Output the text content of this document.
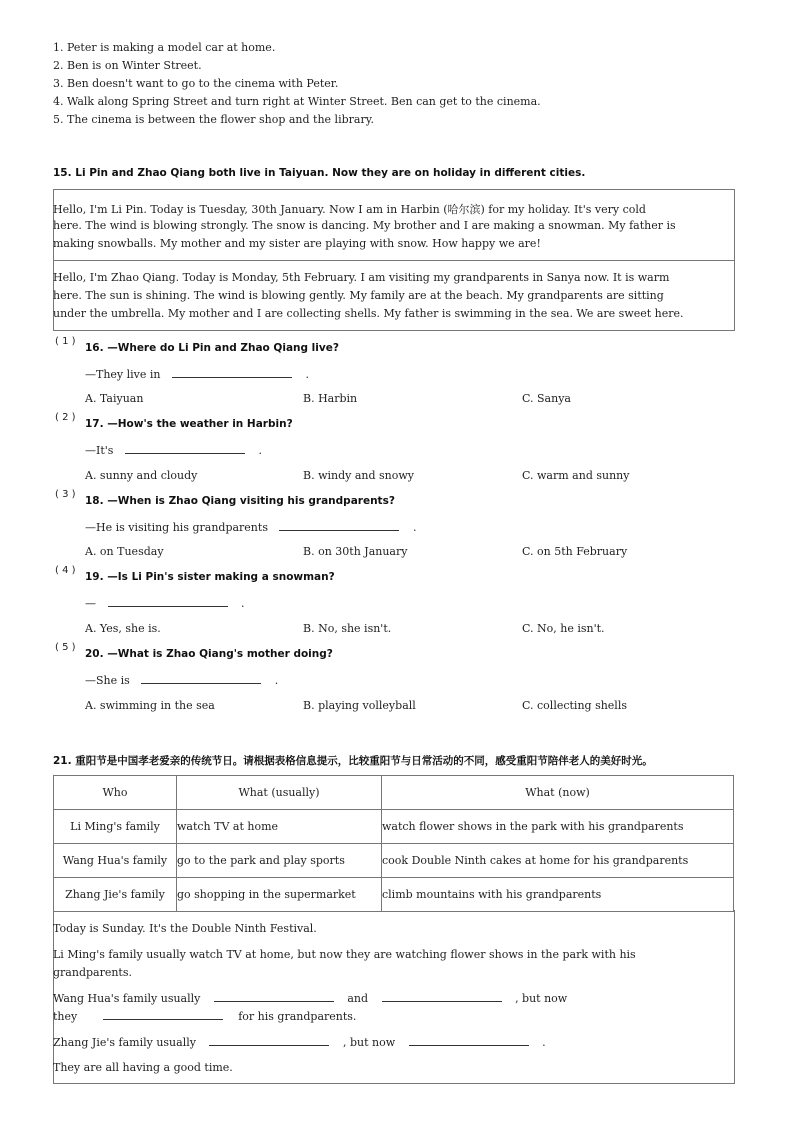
1. Peter is making a model car at home.
2. Ben is on Winter Street.
3. Ben doesn't want to go to the cinema with Peter.
4. Walk along Spring Street and turn right at Winter Street. Ben can get to the cinema.
5. The cinema is between the flower shop and the library.
15. Li Pin and Zhao Qiang both live in Taiyuan. Now they are on holiday in different cities.
Hello, I'm Li Pin. Today is Tuesday, 30th January. Now I am in Harbin (哈尔滨) for my holiday. It's very cold
here. The wind is blowing strongly. The snow is dancing. My brother and I are making a snowman. My father is
making snowballs. My mother and my sister are playing with snow. How happy we are!
Hello, I'm Zhao Qiang. Today is Monday, 5th February. I am visiting my grandparents in Sanya now. It is warm
here. The sun is shining. The wind is blowing gently. My family are at the beach. My grandparents are sitting
under the umbrella. My mother and I are collecting shells. My father is swimming in the sea. We are sweet here.
( 1 )
16. —Where do Li Pin and Zhao Qiang live?
—They live in	.
A. Taiyuan	B. Harbin	C. Sanya
( 2 )
17. —How's the weather in Harbin?
—It's	.
A. sunny and cloudy	B. windy and snowy	C. warm and sunny
( 3 )
18. —When is Zhao Qiang visiting his grandparents?
—He is visiting his grandparents	.
A. on Tuesday	B. on 30th January	C. on 5th February
( 4 )
19. —Is Li Pin's sister making a snowman?
—	.
A. Yes, she is.	B. No, she isn't.	C. No, he isn't.
( 5 )
20. —What is Zhao Qiang's mother doing?
—She is	.
A. swimming in the sea	B. playing volleyball	C. collecting shells
21. 重阳节是中国孝老爱亲的传统节日。请根据表格信息提示，比较重阳节与日常活动的不同，感受重阳节陪伴老人的美好时光。
Who	What (usually)	What (now)
Li Ming's family	watch TV at home	watch flower shows in the park with his grandparents
Wang Hua's family	go to the park and play sports	cook Double Ninth cakes at home for his grandparents
Zhang Jie's family	go shopping in the supermarket	climb mountains with his grandparents
Today is Sunday. It's the Double Ninth Festival.
Li Ming's family usually watch TV at home, but now they are watching flower shows in the park with his
grandparents.
Wang Hua's family usually	and	, but now
they	for his grandparents.
Zhang Jie's family usually	, but now	.
They are all having a good time.
